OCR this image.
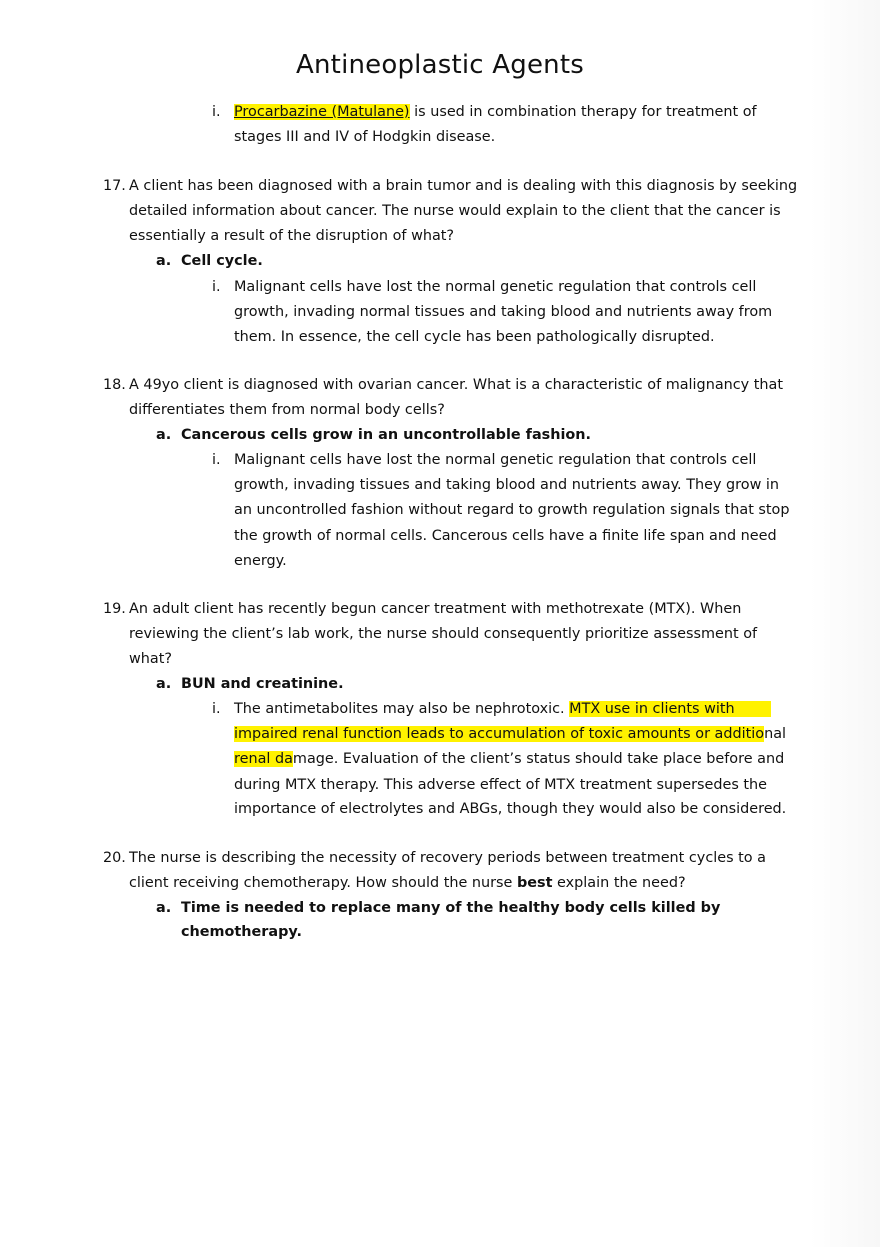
Antineoplastic Agents
i. Procarbazine (Matulane) is used in combination therapy for treatment of
stages III and IV of Hodgkin disease.
17. A client has been diagnosed with a brain tumor and is dealing with this diagnosis by seeking
detailed information about cancer. The nurse would explain to the client that the cancer is
essentially a result of the disruption of what?
a. Cell cycle.
i. Malignant cells have lost the normal genetic regulation that controls cell
growth, invading normal tissues and taking blood and nutrients away from
them. In essence, the cell cycle has been pathologically disrupted.
18. A 49yo client is diagnosed with ovarian cancer. What is a characteristic of malignancy that
differentiates them from normal body cells?
a. Cancerous cells grow in an uncontrollable fashion.
i. Malignant cells have lost the normal genetic regulation that controls cell
growth, invading tissues and taking blood and nutrients away. They grow in
an uncontrolled fashion without regard to growth regulation signals that stop
the growth of normal cells. Cancerous cells have a finite life span and need
energy.
19. An adult client has recently begun cancer treatment with methotrexate (MTX). When
reviewing the client’s lab work, the nurse should consequently prioritize assessment of
what?
a. BUN and creatinine.
i. The antimetabolites may also be nephrotoxic. MTX use in clients with
impaired renal function leads to accumulation of toxic amounts or additional
renal damage. Evaluation of the client’s status should take place before and
during MTX therapy. This adverse effect of MTX treatment supersedes the
importance of electrolytes and ABGs, though they would also be considered.
20. The nurse is describing the necessity of recovery periods between treatment cycles to a
client receiving chemotherapy. How should the nurse best explain the need?
a. Time is needed to replace many of the healthy body cells killed by
chemotherapy.
